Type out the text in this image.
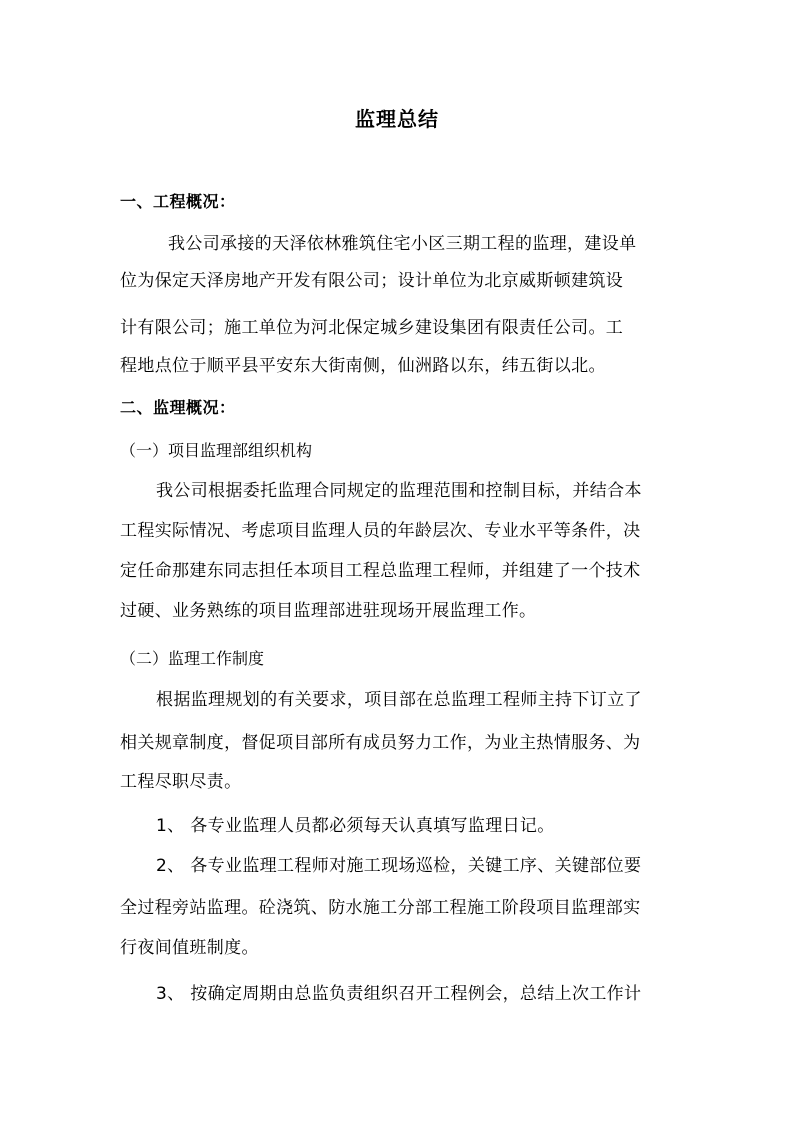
监理总结
一、工程概况：
我公司承接的天泽依林雅筑住宅小区三期工程的监理，建设单
位为保定天泽房地产开发有限公司；设计单位为北京威斯顿建筑设
计有限公司；施工单位为河北保定城乡建设集团有限责任公司。工
程地点位于顺平县平安东大街南侧，仙洲路以东，纬五街以北。
二、监理概况：
（一）项目监理部组织机构
我公司根据委托监理合同规定的监理范围和控制目标，并结合本
工程实际情况、考虑项目监理人员的年龄层次、专业水平等条件，决
定任命那建东同志担任本项目工程总监理工程师，并组建了一个技术
过硬、业务熟练的项目监理部进驻现场开展监理工作。
（二）监理工作制度
根据监理规划的有关要求，项目部在总监理工程师主持下订立了
相关规章制度，督促项目部所有成员努力工作，为业主热情服务、为
工程尽职尽责。
1、 各专业监理人员都必须每天认真填写监理日记。
2、 各专业监理工程师对施工现场巡检，关键工序、关键部位要
全过程旁站监理。砼浇筑、防水施工分部工程施工阶段项目监理部实
行夜间值班制度。
3、 按确定周期由总监负责组织召开工程例会，总结上次工作计
